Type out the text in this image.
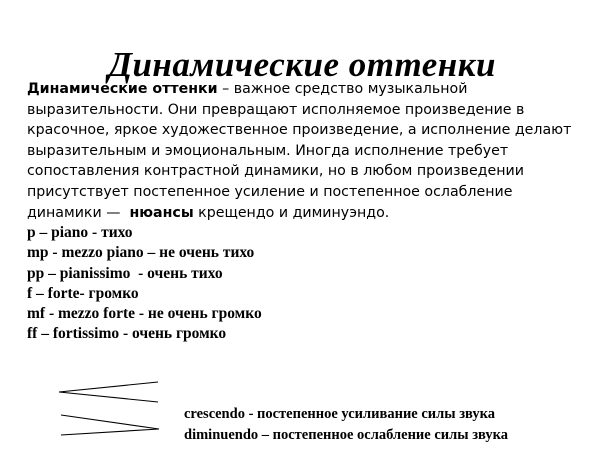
Динамические оттенки

Динамические оттенки – важное средство музыкальной
выразительности. Они превращают исполняемое произведение в
красочное, яркое художественное произведение, а исполнение делают
выразительным и эмоциональным. Иногда исполнение требует
сопоставления контрастной динамики, но в любом произведении
присутствует постепенное усиление и постепенное ослабление
динамики —  нюансы крещендо и диминуэндо.

p – piano - тихо
mp - mezzo piano – не очень тихо
pp – pianissimo  - очень тихо
f – forte- громко
mf - mezzo forte - не очень громко
ff – fortissimo - очень громко
crescendo - постепенное усиливание силы звука
diminuendo – постепенное ослабление силы звука
